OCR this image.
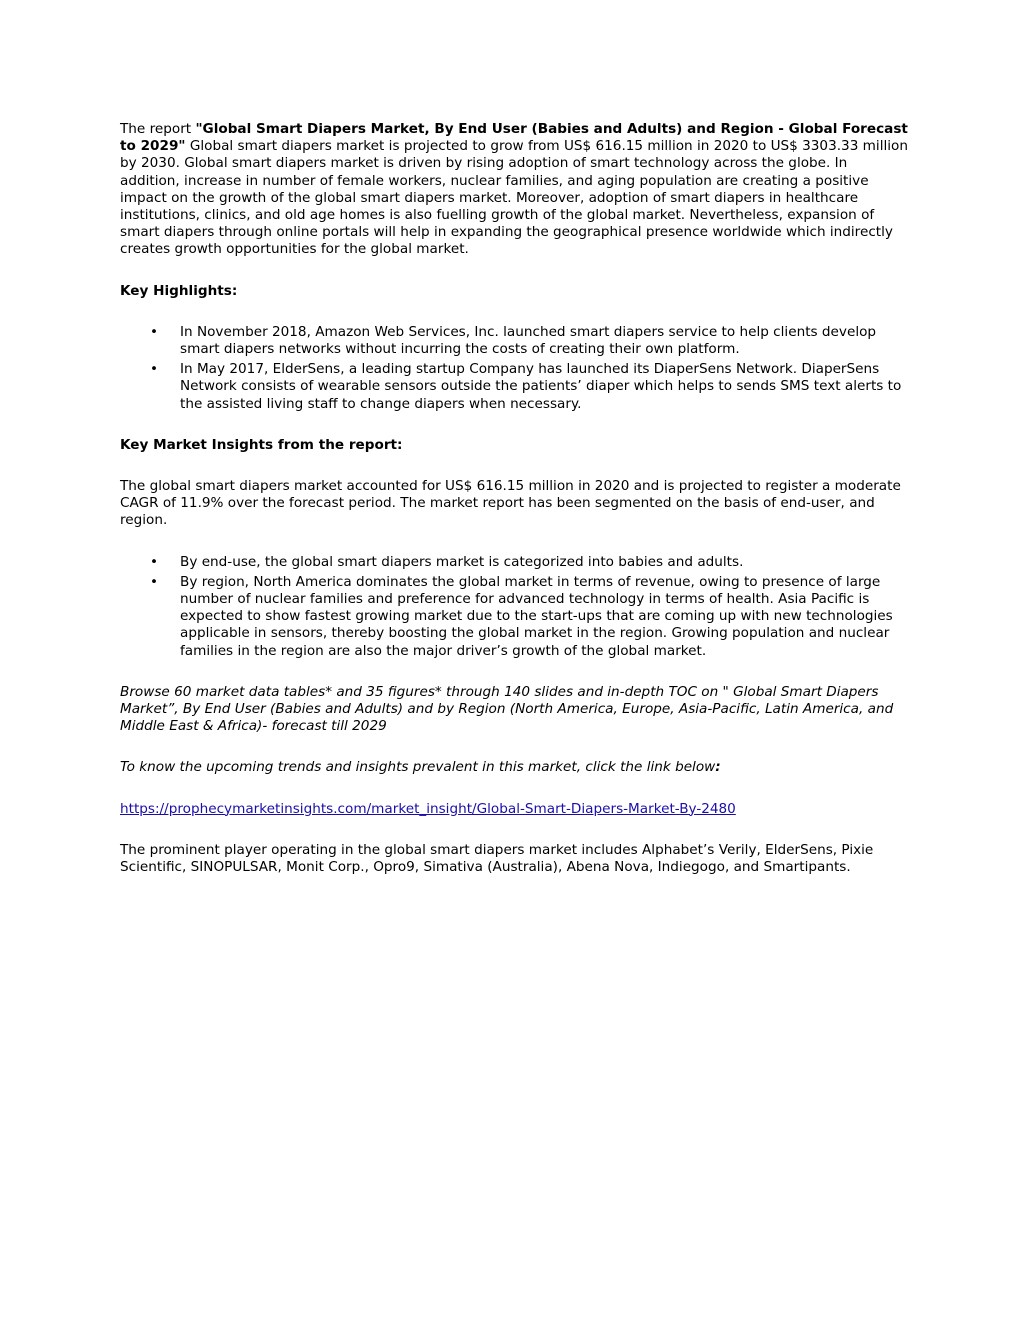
The report "Global Smart Diapers Market, By End User (Babies and Adults) and Region - Global Forecast to 2029" Global smart diapers market is projected to grow from US$ 616.15 million in 2020 to US$ 3303.33 million by 2030. Global smart diapers market is driven by rising adoption of smart technology across the globe. In addition, increase in number of female workers, nuclear families, and aging population are creating a positive impact on the growth of the global smart diapers market. Moreover, adoption of smart diapers in healthcare institutions, clinics, and old age homes is also fuelling growth of the global market. Nevertheless, expansion of smart diapers through online portals will help in expanding the geographical presence worldwide which indirectly creates growth opportunities for the global market.

Key Highlights:

• In November 2018, Amazon Web Services, Inc. launched smart diapers service to help clients develop smart diapers networks without incurring the costs of creating their own platform.
• In May 2017, ElderSens, a leading startup Company has launched its DiaperSens Network. DiaperSens Network consists of wearable sensors outside the patients’ diaper which helps to sends SMS text alerts to the assisted living staff to change diapers when necessary.

Key Market Insights from the report:

The global smart diapers market accounted for US$ 616.15 million in 2020 and is projected to register a moderate CAGR of 11.9% over the forecast period. The market report has been segmented on the basis of end-user, and region.

• By end-use, the global smart diapers market is categorized into babies and adults.
• By region, North America dominates the global market in terms of revenue, owing to presence of large number of nuclear families and preference for advanced technology in terms of health. Asia Pacific is expected to show fastest growing market due to the start-ups that are coming up with new technologies applicable in sensors, thereby boosting the global market in the region. Growing population and nuclear families in the region are also the major driver’s growth of the global market.

Browse 60 market data tables* and 35 figures* through 140 slides and in-depth TOC on " Global Smart Diapers Market”, By End User (Babies and Adults) and by Region (North America, Europe, Asia-Pacific, Latin America, and Middle East & Africa)- forecast till 2029

To know the upcoming trends and insights prevalent in this market, click the link below:

https://prophecymarketinsights.com/market_insight/Global-Smart-Diapers-Market-By-2480

The prominent player operating in the global smart diapers market includes Alphabet’s Verily, ElderSens, Pixie Scientific, SINOPULSAR, Monit Corp., Opro9, Simativa (Australia), Abena Nova, Indiegogo, and Smartipants.
